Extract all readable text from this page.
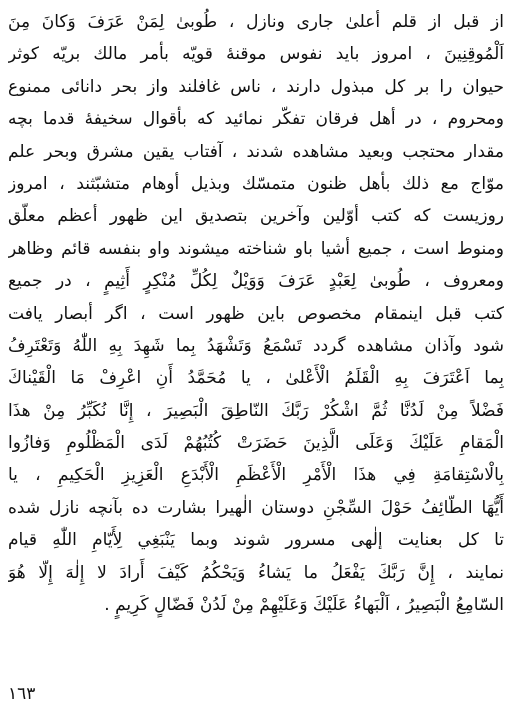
از قبل از قلم أعلىٰ جاری ونازل ، طُوبىٰ لِمَنْ عَرَفَ وَكانَ مِنَ
اَلْمُوقِنِينَ ، امروز باید نفوس موقنهٔ قويّه بأمر مالك بريّه كوثر
حيوان را بر كل مبذول دارند ، ناس غافلند واز بحر دانائى ممنوع
ومحروم ، در أهل فرقان تفكّر نمائيد كه بأقوال سخيفهٔ قدما بچه
مقدار محتجب وبعيد مشاهده شدند ، آفتاب يقين مشرق وبحر علم
موّاج مع ذلك بأهل ظنون متمسّك وبذيل أوهام متشبّثند ، امروز
روزيست كه كتب أوّلين وآخرين بتصديق اين ظهور أعظم معلّق
ومنوط است ، جميع أشيا باو شناخته ميشوند واو بنفسه قائم وظاهر
ومعروف ، طُوبىٰ لِعَبْدٍ عَرَفَ وَوَيْلٌ لِكُلِّ مُنْكِرٍ أَثِيمٍ ، در جميع
كتب قبل اينمقام مخصوص باين ظهور است ، اگر أبصار يافت
شود وآذان مشاهده گردد تَسْمَعُ وَتَشْهَدُ بِما شَهِدَ بِهِ اللّٰهُ وَتَعْتَرِفُ
بِما اَعْتَرَفَ بِهِ الْقَلَمُ الْأَعْلىٰ ، يا مُحَمَّدُ أَنِ اعْرِفْ مَا الْقَيْناكَ
فَضْلاً مِنْ لَدُنَّا ثُمَّ اشْكُرْ رَبَّكَ النّاطِقَ الْبَصِيرَ ، إِنَّا نُكَبِّرُ مِنْ هذَا
الْمَقامِ عَلَيْكَ وَعَلَى الَّذِينَ حَضَرَتْ كُتُبُهُمْ لَدَى الْمَظْلُومِ وَفازُوا
بِالْاسْتِقامَةِ فِي هذَا الْأَمْرِ الْأَعْظَمِ الْأَبْدَعِ الْعَزِيزِ الْحَكِيمِ ، يا
أَيُّهَا الطّائِفُ حَوْلَ السِّجْنِ دوستان الٰهيرا بشارت ده بآنچه نازل شده
تا كل بعنايت إلٰهى مسرور شوند وبما يَنْبَغِي لِأَيّامِ اللّٰهِ قيام
نمايند ، إِنَّ رَبَّكَ يَفْعَلُ ما يَشاءُ وَيَحْكُمُ كَيْفَ أَرادَ لا إِلٰهَ إِلّا هُوَ
السّامِعُ الْبَصِيرُ ، اَلْبَهاءُ عَلَيْكَ وَعَلَيْهِمْ مِنْ لَدُنْ فَضّالٍ كَرِيمٍ .
١٦٣
